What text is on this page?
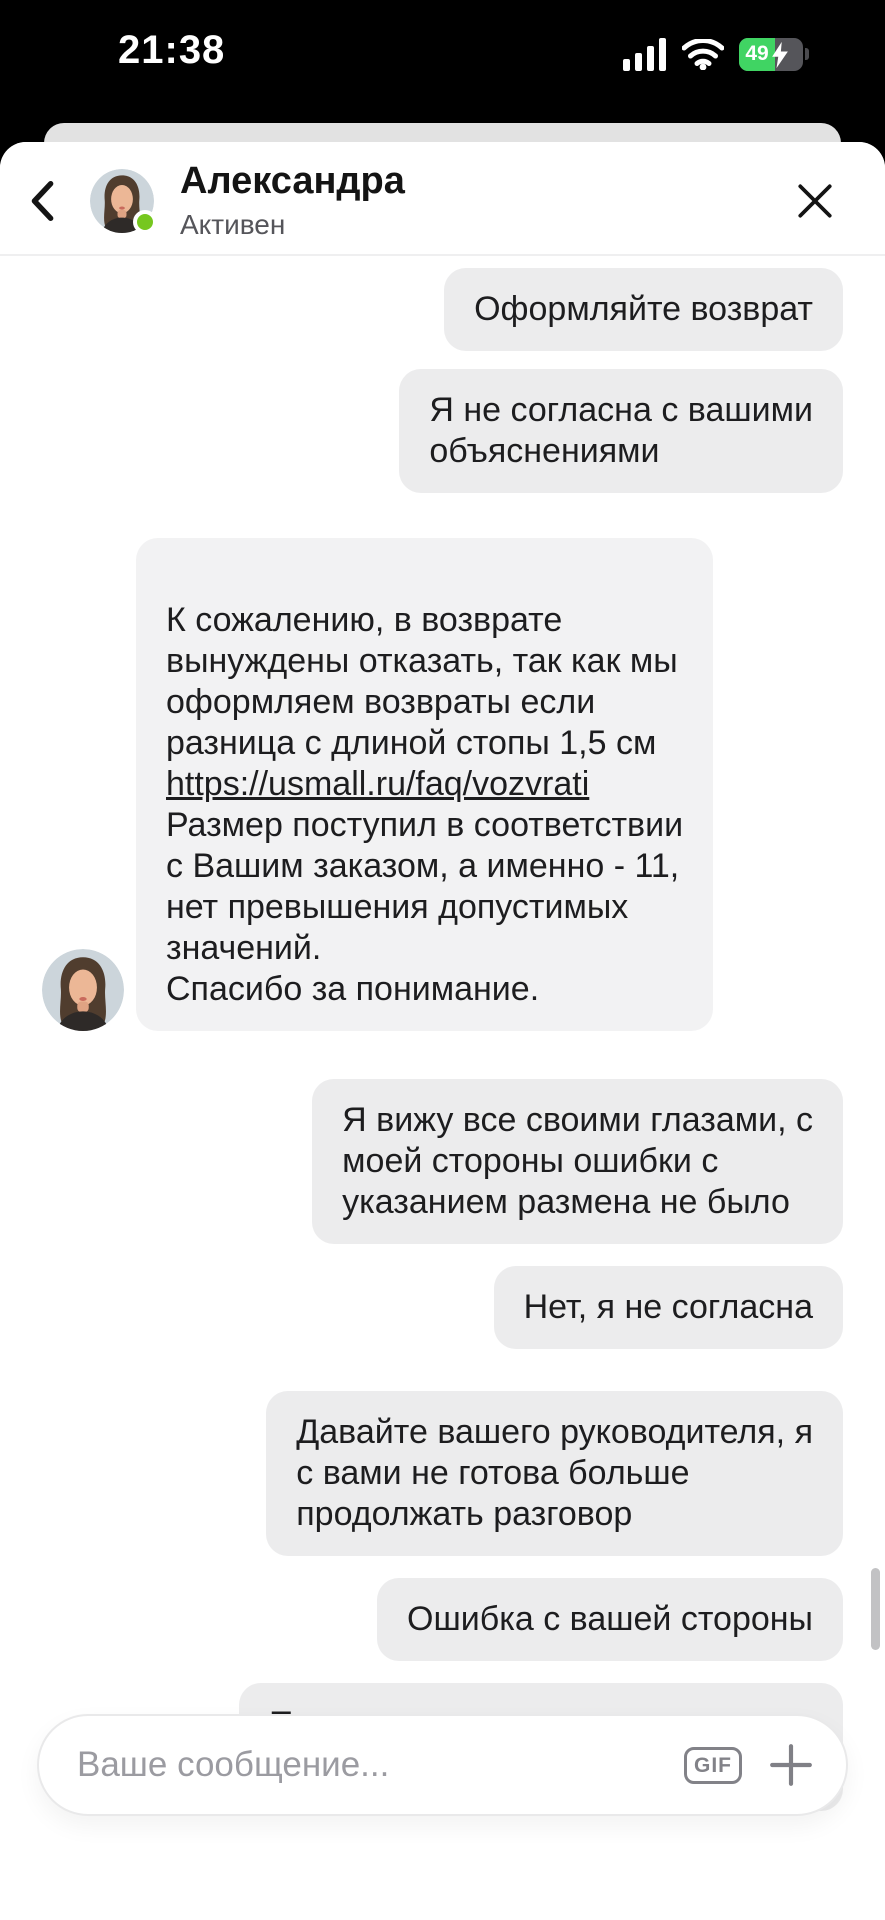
21:38	49
Александра
Активен
Оформляйте возврат
Я не согласна с вашими
объяснениями

К сожалению, в возврате
вынуждены отказать, так как мы
оформляем возвраты если
разница с длиной стопы 1,5 см
https://usmall.ru/faq/vozvrati
Размер поступил в соответствии
с Вашим заказом, а именно - 11,
нет превышения допустимых
значений.
Спасибо за понимание.

Я вижу все своими глазами, с
моей стороны ошибки с
указанием размена не было
Нет, я не согласна
Давайте вашего руководителя, я
с вами не готова больше
продолжать разговор
Ошибка с вашей стороны
Ваше сообщение...
GIF
